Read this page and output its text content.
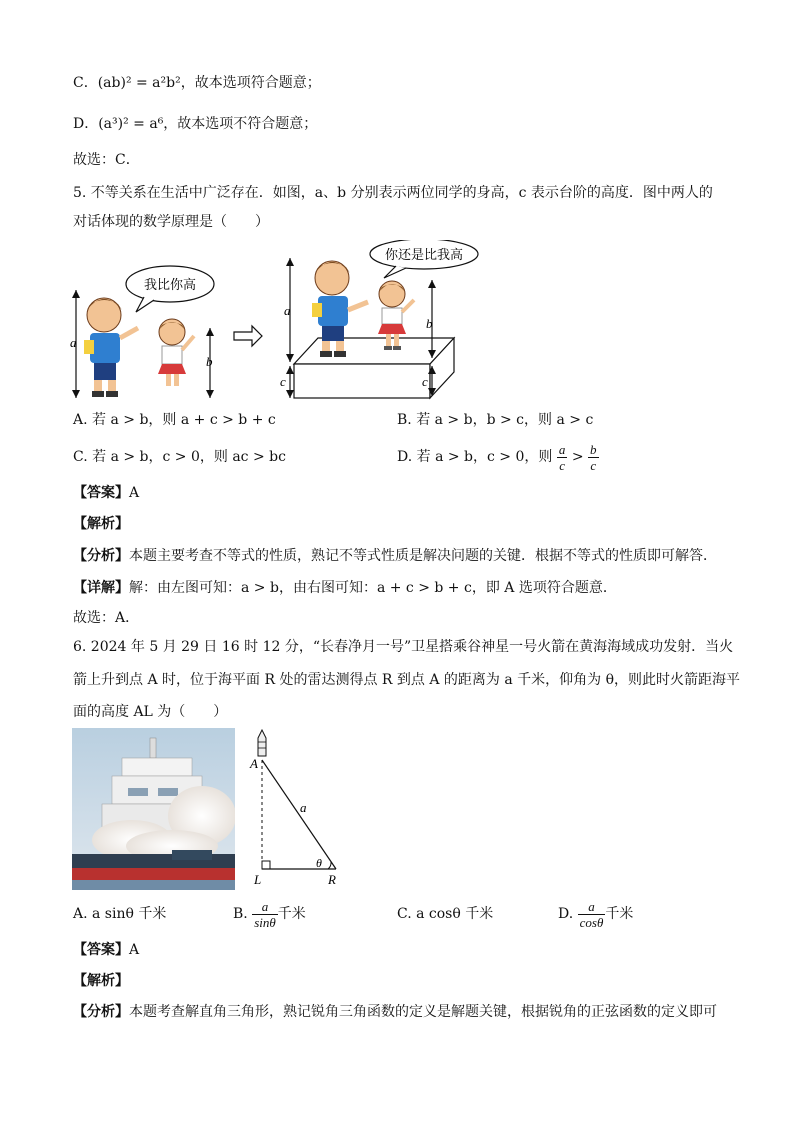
C．(ab)² = a²b²，故本选项符合题意；
D．(a³)² = a⁶，故本选项不符合题意；
故选：C．
5. 不等关系在生活中广泛存在．如图，a、b 分别表示两位同学的身高，c 表示台阶的高度．图中两人的
对话体现的数学原理是（　　）
a
b
我比你高
a
c
b
c
你还是比我高
A. 若 a > b，则 a + c > b + c	B. 若 a > b，b > c，则 a > c
C. 若 a > b，c > 0，则 ac > bc	D. 若 a > b，c > 0，则 $\frac{a}{c} > \frac{b}{c}$
【答案】A
【解析】
【分析】本题主要考查不等式的性质，熟记不等式性质是解决问题的关键．根据不等式的性质即可解答．
【详解】解：由左图可知：a > b，由右图可知：a + c > b + c，即 A 选项符合题意．
故选：A．
6. 2024 年 5 月 29 日 16 时 12 分，“长春净月一号”卫星搭乘谷神星一号火箭在黄海海域成功发射．当火
箭上升到点 A 时，位于海平面 R 处的雷达测得点 R 到点 A 的距离为 a 千米，仰角为 θ，则此时火箭距海平
面的高度 AL 为（　　）
A
a
θ
L	R
A. a sinθ 千米	B. $\frac{a}{\sin\theta}$ 千米	C. a cosθ 千米	D. $\frac{a}{\cos\theta}$ 千米
【答案】A
【解析】
【分析】本题考查解直角三角形，熟记锐角三角函数的定义是解题关键，根据锐角的正弦函数的定义即可
